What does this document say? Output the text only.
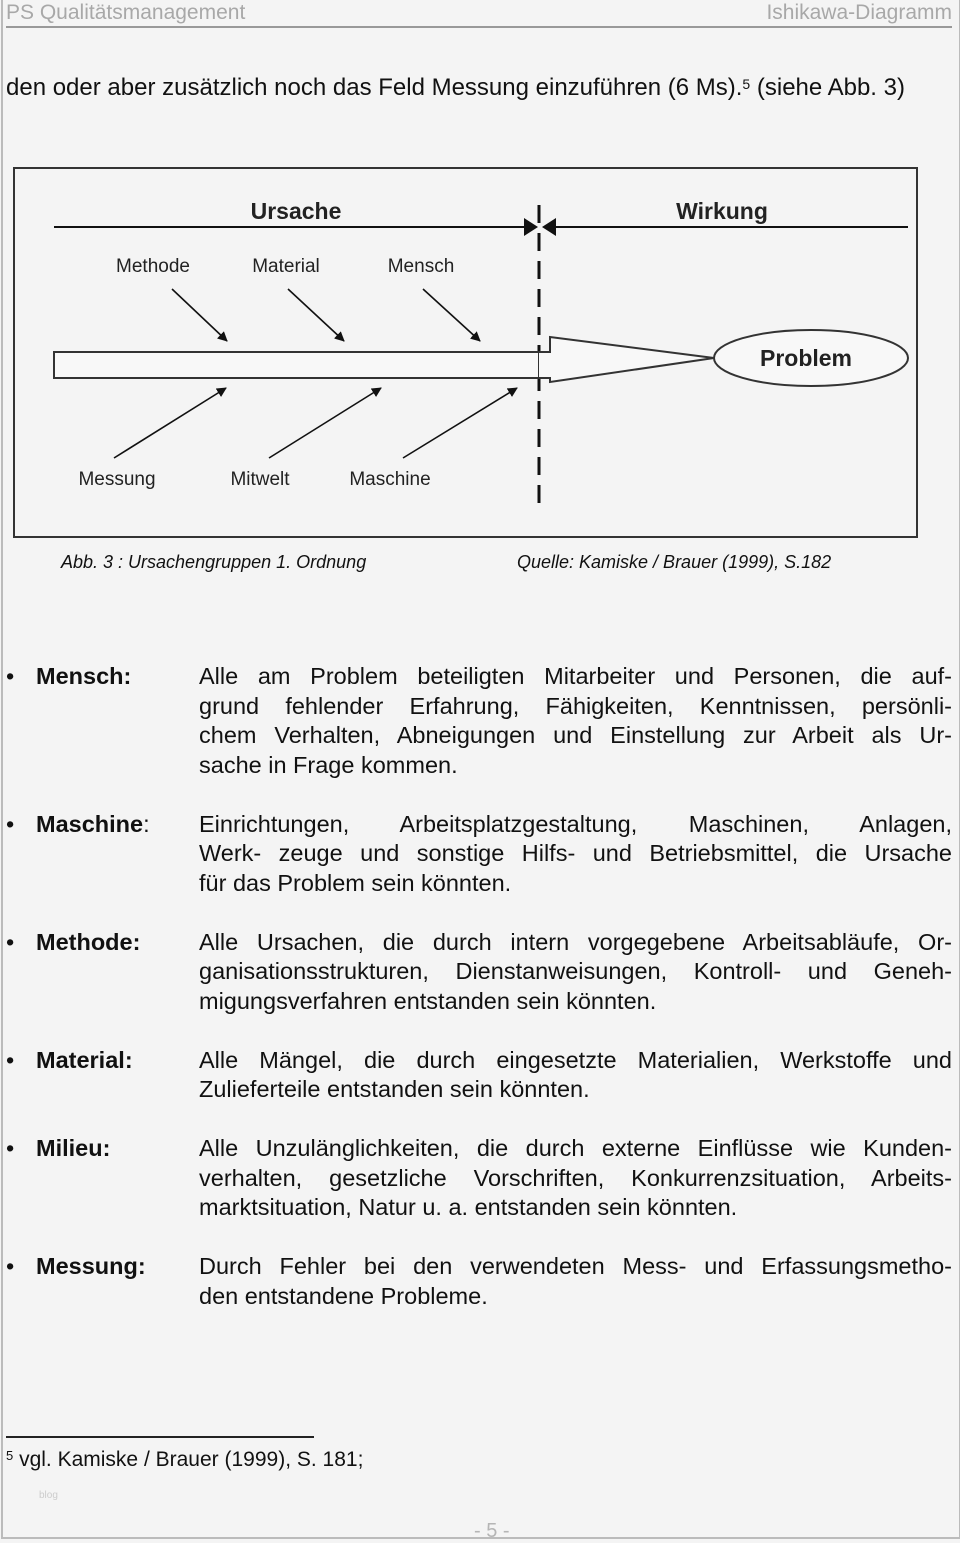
PS Qualitätsmanagement	Ishikawa-Diagramm
den oder aber zusätzlich noch das Feld Messung einzuführen (6 Ms).$^5$ (siehe Abb. 3)
Ursache	Wirkung
Methode	Material	Mensch
Problem
Messung	Mitwelt	Maschine
Abb. 3 : Ursachengruppen 1. Ordnung	Quelle: Kamiske / Brauer (1999), S.182
• Mensch:	Alle am Problem beteiligten Mitarbeiter und Personen, die auf-
grund fehlender Erfahrung, Fähigkeiten, Kenntnissen, persönli-
chem Verhalten, Abneigungen und Einstellung zur Arbeit als Ur-
sache in Frage kommen.
• Maschine: Einrichtungen, Arbeitsplatzgestaltung, Maschinen, Anlagen,
Werk- zeuge und sonstige Hilfs- und Betriebsmittel, die Ursache
für das Problem sein könnten.
• Methode: Alle Ursachen, die durch intern vorgegebene Arbeitsabläufe, Or-
ganisationsstrukturen, Dienstanweisungen, Kontroll- und Geneh-
migungsverfahren entstanden sein könnten.
• Material:	Alle Mängel, die durch eingesetzte Materialien, Werkstoffe und
Zulieferteile entstanden sein könnten.
• Milieu:	Alle Unzulänglichkeiten, die durch externe Einflüsse wie Kunden-
verhalten, gesetzliche Vorschriften, Konkurrenzsituation, Arbeits-
marktsituation, Natur u. a. entstanden sein könnten.
• Messung: Durch Fehler bei den verwendeten Mess- und Erfassungsmetho-
den entstandene Probleme.
$^5$ vgl. Kamiske / Brauer (1999), S. 181;
blog
- 5 -
